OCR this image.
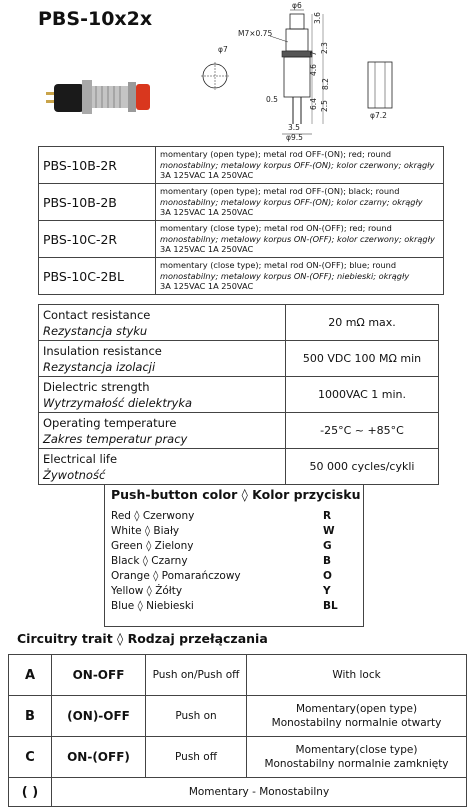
PBS-10x2x
φ7
φ6
M7×0.75
φ9.5
3.5
0.5
3.6
7 2.3
4.6
8.2
6.4 2.5
φ7.2
PBS-10B-2R	momentary (open type); metal rod OFF-(ON); red; round
monostabilny; metalowy korpus OFF-(ON); kolor czerwony; okrągły
3A 125VAC 1A 250VAC

PBS-10B-2B	momentary (open type); metal rod OFF-(ON); black; round
monostabilny; metalowy korpus OFF-(ON); kolor czarny; okrągły
3A 125VAC 1A 250VAC

PBS-10C-2R	momentary (close type); metal rod ON-(OFF); red; round
monostabilny; metalowy korpus ON-(OFF); kolor czerwony; okrągły
3A 125VAC 1A 250VAC

PBS-10C-2BL	momentary (close type); metal rod ON-(OFF); blue; round
monostabilny; metalowy korpus ON-(OFF); niebieski; okrągły
3A 125VAC 1A 250VAC
Contact resistance
Rezystancja styku	20 mΩ max.

Insulation resistance
Rezystancja izolacji	500 VDC 100 MΩ min

Dielectric strength
Wytrzymałość dielektryka	1000VAC 1 min.

Operating temperature
Zakres temperatur pracy	-25°C ~ +85°C

Electrical life
Żywotność	50 000 cycles/cykli
Push-button color ◊ Kolor przycisku
Red ◊ Czerwony	R
White ◊ Biały	W
Green ◊ Zielony	G
Black ◊ Czarny	B
Orange ◊ Pomarańczowy	O
Yellow ◊ Żółty	Y
Blue ◊ Niebieski	BL
Circuitry trait ◊ Rodzaj przełączania
A	ON-OFF	Push on/Push off	With lock

B	(ON)-OFF	Push on	Momentary(open type)
Monostabilny normalnie otwarty

C	ON-(OFF)	Push off	Momentary(close type)
Monostabilny normalnie zamknięty

( )	Momentary - Monostabilny		
